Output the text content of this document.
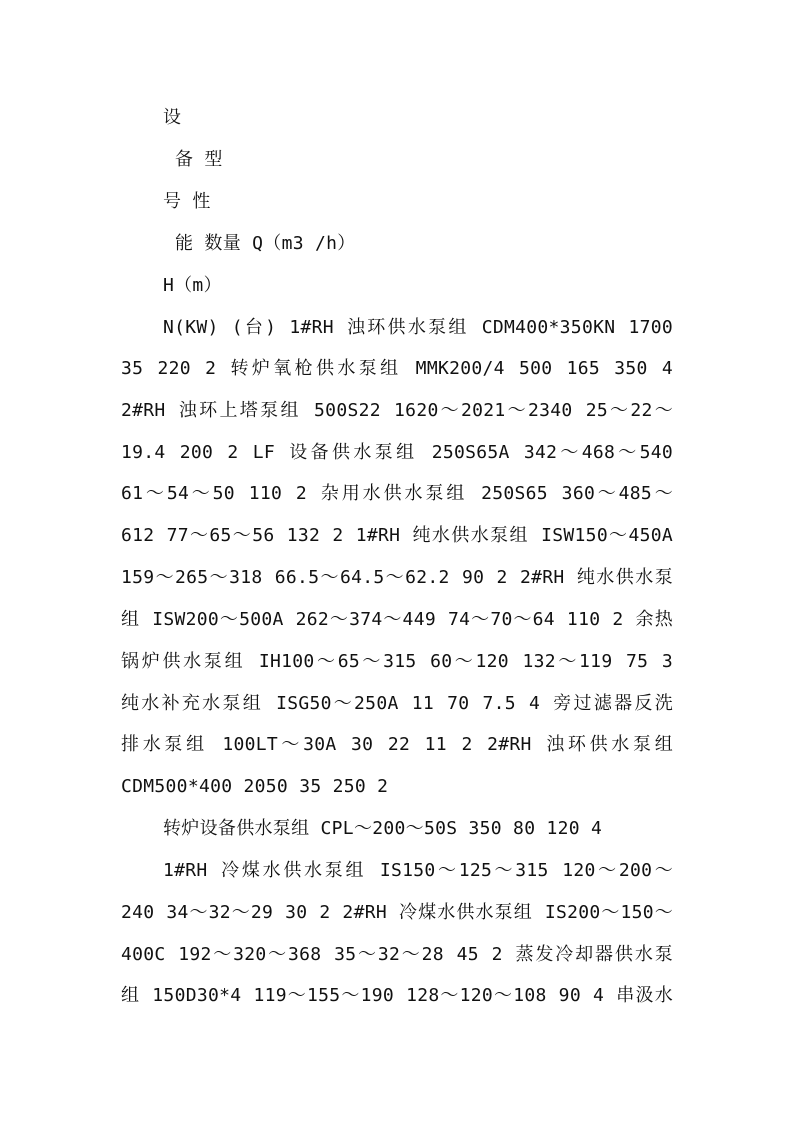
设
备 型
号 性
能 数量 Q（m3 /h）
H（m）
N(KW) (台) 1#RH 浊环供水泵组 CDM400*350KN 1700
35 220 2 转炉氧枪供水泵组 MMK200/4 500 165 350 4
2#RH 浊环上塔泵组 500S22 1620～2021～2340 25～22～
19.4 200 2 LF 设备供水泵组 250S65A 342～468～540
61～54～50 110 2 杂用水供水泵组 250S65 360～485～
612 77～65～56 132 2 1#RH 纯水供水泵组 ISW150～450A
159～265～318 66.5～64.5～62.2 90 2 2#RH 纯水供水泵
组 ISW200～500A 262～374～449 74～70～64 110 2 余热
锅炉供水泵组 IH100～65～315 60～120 132～119 75 3
纯水补充水泵组 ISG50～250A 11 70 7.5 4 旁过滤器反洗
排水泵组 100LT～30A 30 22 11 2 2#RH 浊环供水泵组
CDM500*400 2050 35 250 2
转炉设备供水泵组 CPL～200～50S 350 80 120 4
1#RH 冷煤水供水泵组 IS150～125～315 120～200～
240 34～32～29 30 2 2#RH 冷煤水供水泵组 IS200～150～
400C 192～320～368 35～32～28 45 2 蒸发冷却器供水泵
组 150D30*4 119～155～190 128～120～108 90 4 串汲水
